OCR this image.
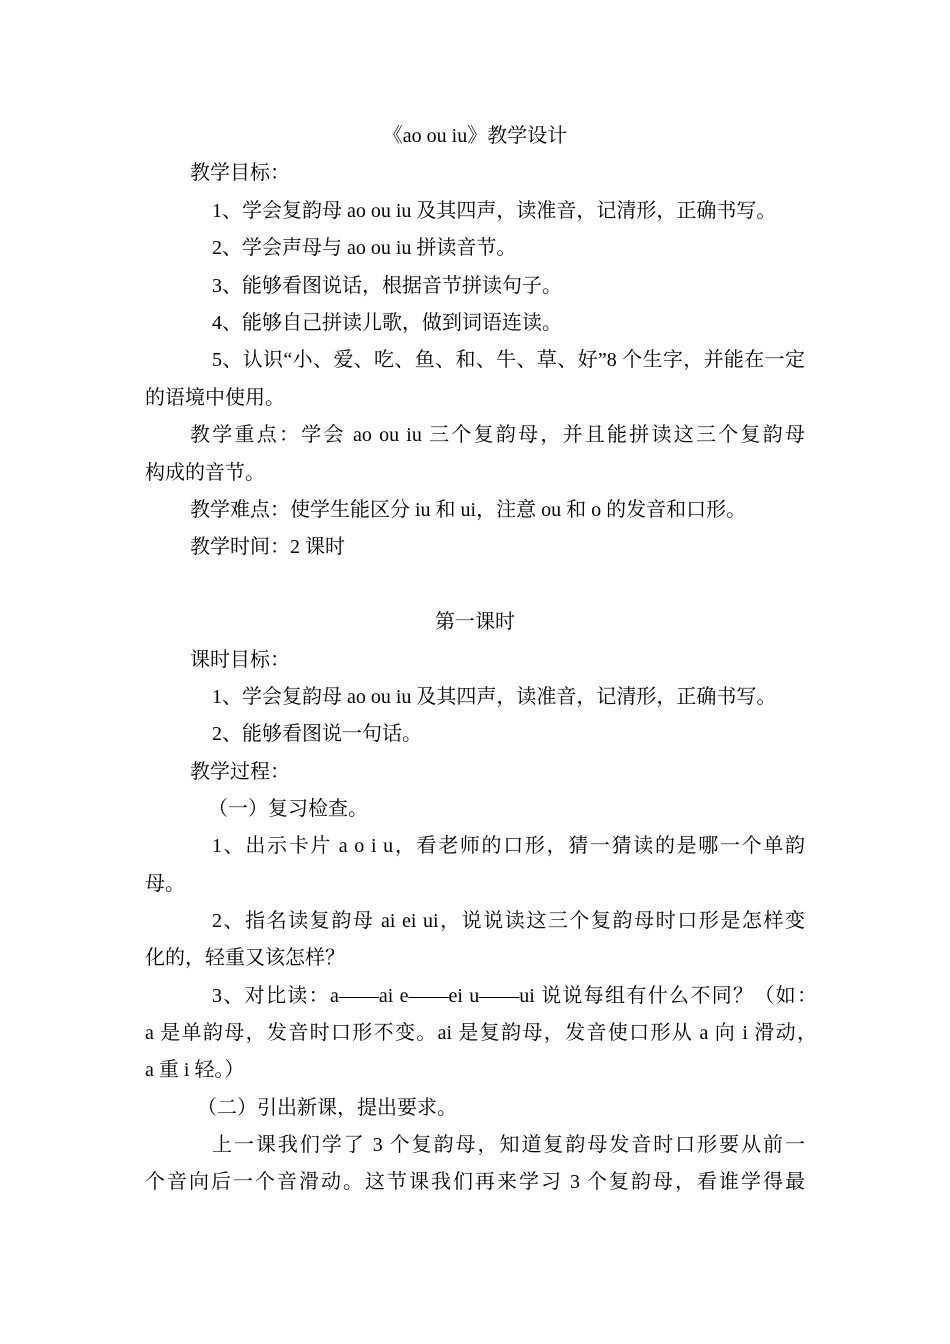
《ao ou iu》教学设计
教学目标：
1、学会复韵母 ao ou iu 及其四声，读准音，记清形，正确书写。
2、学会声母与 ao ou iu 拼读音节。
3、能够看图说话，根据音节拼读句子。
4、能够自己拼读儿歌，做到词语连读。
5、认识“小、爱、吃、鱼、和、牛、草、好”8 个生字，并能在一定
的语境中使用。
教学重点：学会 ao ou iu 三个复韵母，并且能拼读这三个复韵母
构成的音节。
教学难点：使学生能区分 iu 和 ui，注意 ou 和 o 的发音和口形。
教学时间：2 课时
第一课时
课时目标：
1、学会复韵母 ao ou iu 及其四声，读准音，记清形，正确书写。
2、能够看图说一句话。
教学过程：
（一）复习检查。
1、出示卡片 a o i u，看老师的口形，猜一猜读的是哪一个单韵
母。
2、指名读复韵母 ai ei ui，说说读这三个复韵母时口形是怎样变
化的，轻重又该怎样？
3、对比读：a——ai e——ei u——ui 说说每组有什么不同？（如：
a 是单韵母，发音时口形不变。ai 是复韵母，发音使口形从 a 向 i 滑动，
a 重 i 轻。）
（二）引出新课，提出要求。
上一课我们学了 3 个复韵母，知道复韵母发音时口形要从前一
个音向后一个音滑动。这节课我们再来学习 3 个复韵母，看谁学得最
